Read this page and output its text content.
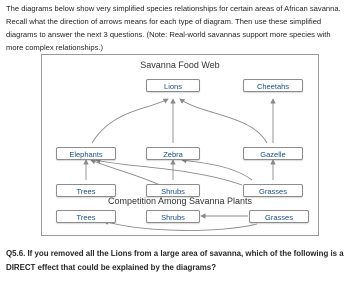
The diagrams below show very simplified species relationships for certain areas of African savanna. Recall what the direction of arrows means for each type of diagram. Then use these simplified diagrams to answer the next 3 questions. (Note: Real-world savannas support more species with more complex relationships.)
Savanna Food Web
Lions	Cheetahs
Elephants	Zebra	Gazelle
Trees	Shrubs	Grasses
Competition Among Savanna Plants
Trees	Shrubs	Grasses
Q5.6. If you removed all the Lions from a large area of savanna, which of the following is a DIRECT effect that could be explained by the diagrams?
